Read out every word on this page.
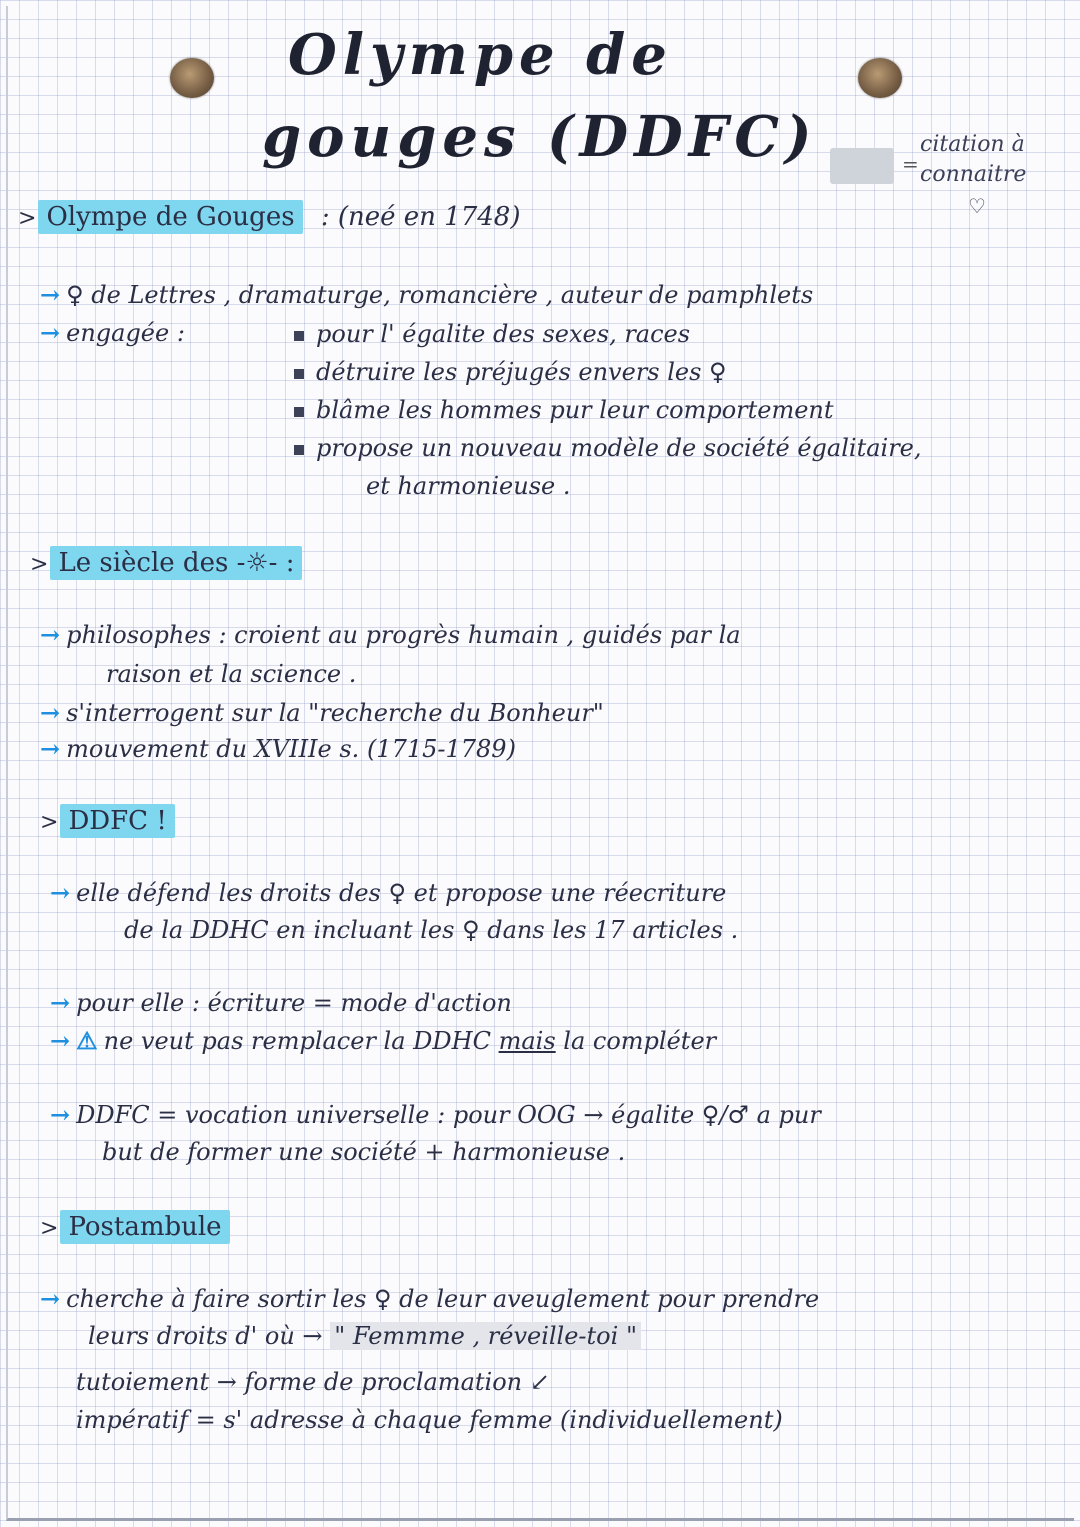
Olympe de
gouges (DDFC)	=
citation à connaitre
♡
> Olympe de Gouges : (neé en 1748)
→ ♀ de Lettres , dramaturge, romancière , auteur de pamphlets
→ engagée :	pour l' égalite des sexes, races
détruire les préjugés envers les ♀
blâme les hommes pur leur comportement
propose un nouveau modèle de société égalitaire,
et harmonieuse .
> Le siècle des -☼- :
→ philosophes : croient au progrès humain , guidés par la
raison et la science .
→ s'interrogent sur la "recherche du Bonheur"
→ mouvement du XVIIIe s. (1715-1789)
> DDFC !
→ elle défend les droits des ♀ et propose une réecriture
de la DDHC en incluant les ♀ dans les 17 articles .
→ pour elle : écriture = mode d'action
→ ⚠ ne veut pas remplacer la DDHC mais la compléter
→ DDFC = vocation universelle : pour OOG → égalite ♀/♂ a pur
but de former une société + harmonieuse .
> Postambule
→ cherche à faire sortir les ♀ de leur aveuglement pour prendre
leurs droits d' où → " Femmme , réveille-toi "
tutoiement → forme de proclamation ↙
impératif = s' adresse à chaque femme (individuellement)
